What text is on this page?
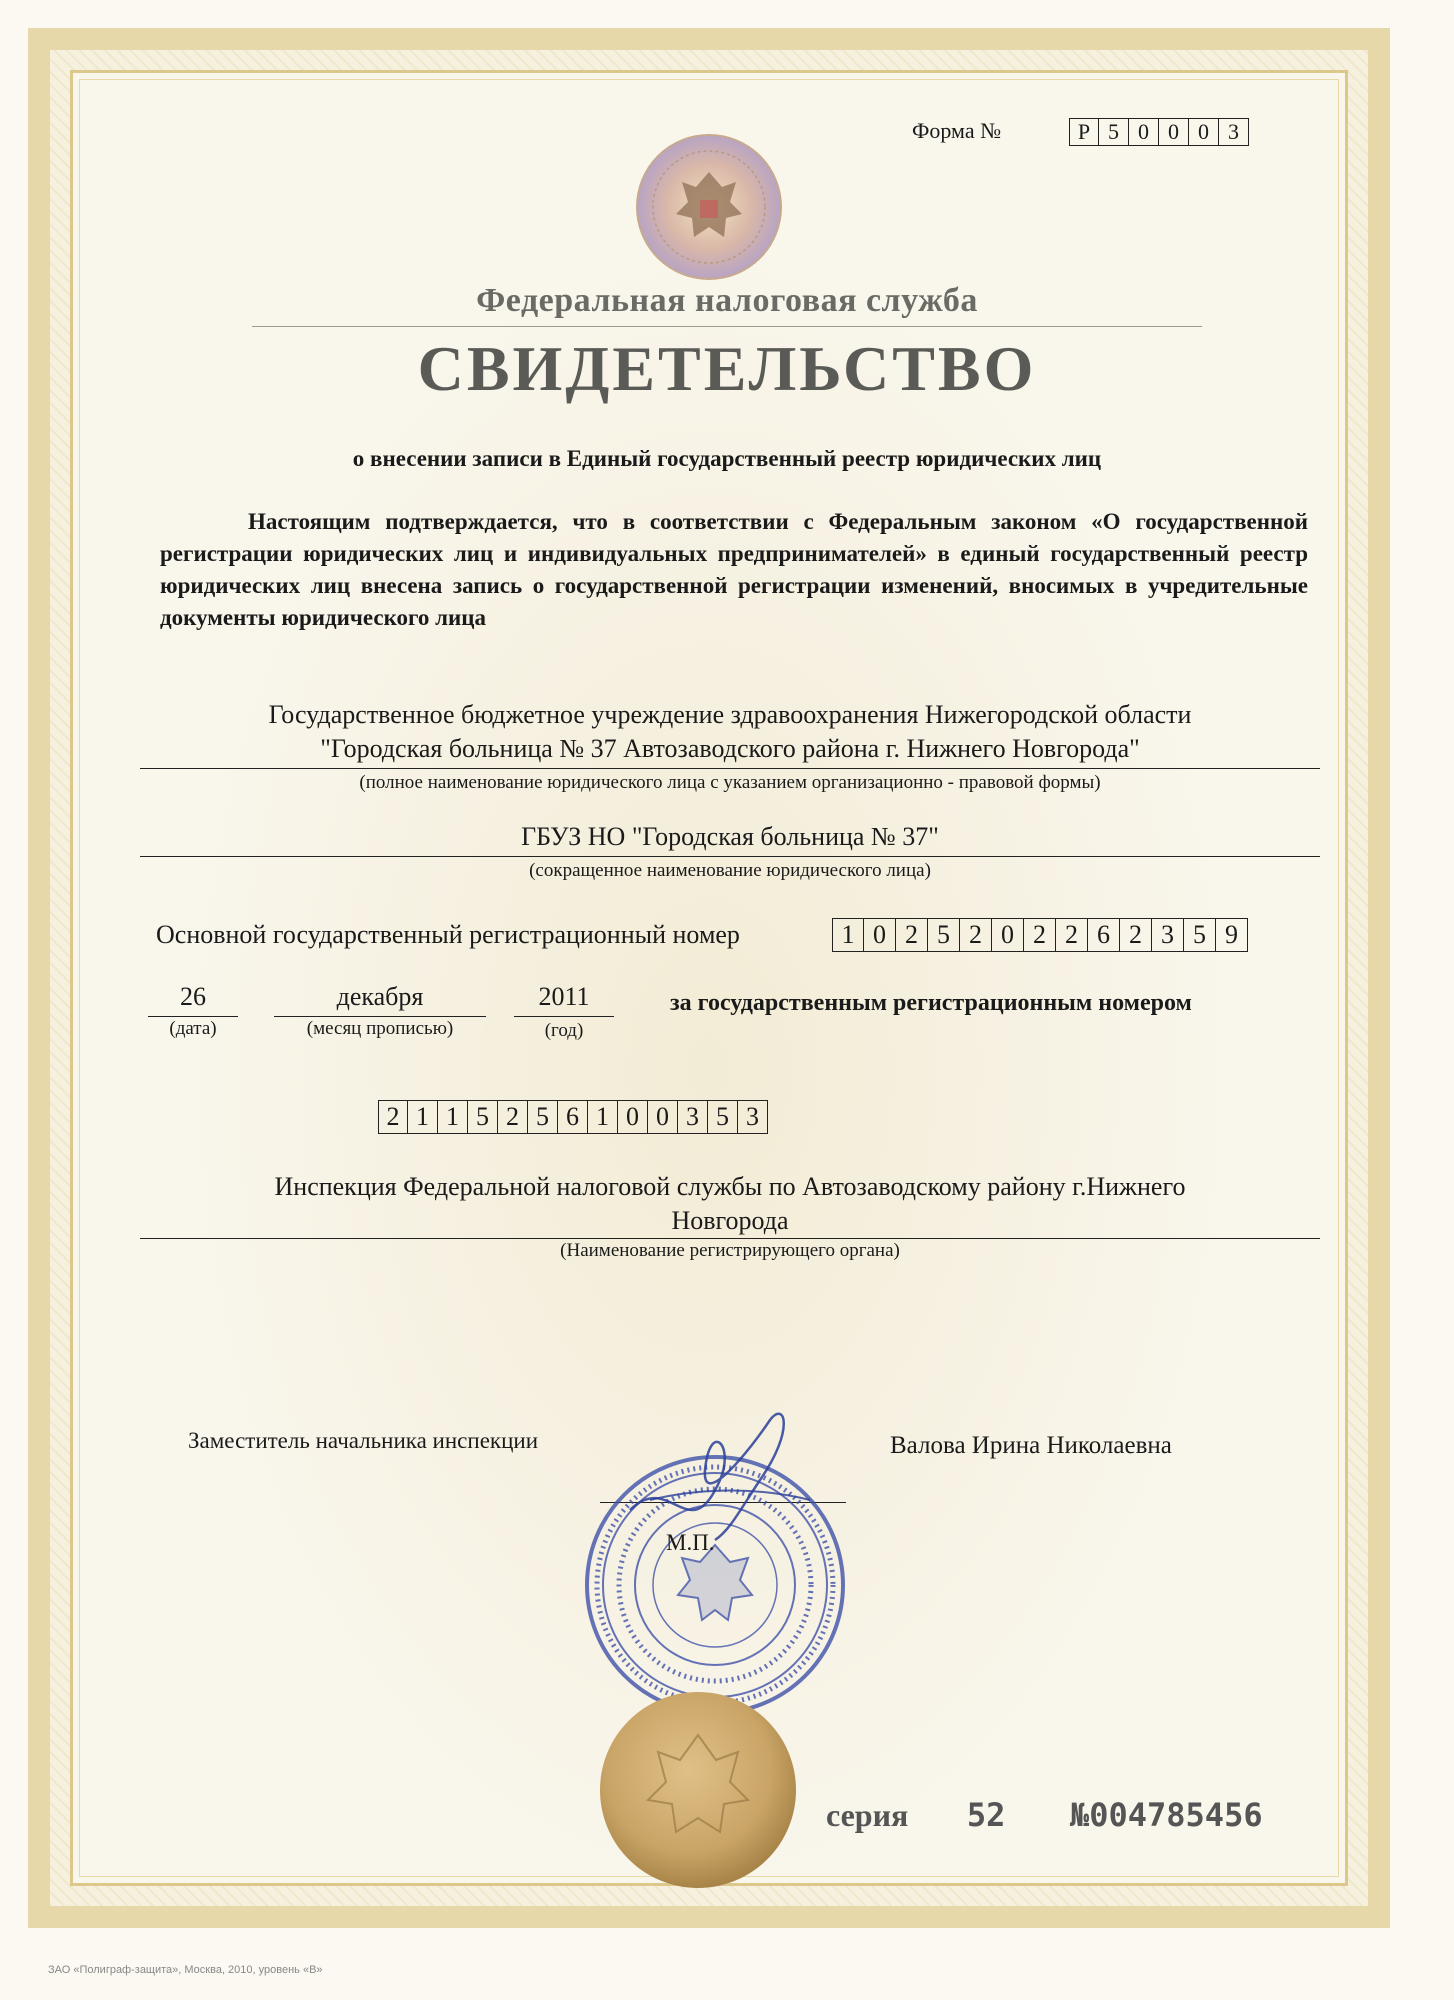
Форма №	Р 5 0 0 0 3
Федеральная налоговая служба
СВИДЕТЕЛЬСТВО
о внесении записи в Единый государственный реестр юридических лиц
Настоящим подтверждается, что в соответствии с Федеральным законом «О государственной регистрации юридических лиц и индивидуальных предпринимателей» в единый государственный реестр юридических лиц внесена запись о государственной регистрации изменений, вносимых в учредительные документы юридического лица
Государственное бюджетное учреждение здравоохранения Нижегородской области
"Городская больница № 37 Автозаводского района г. Нижнего Новгорода"
(полное наименование юридического лица с указанием организационно - правовой формы)
ГБУЗ НО "Городская больница № 37"
(сокращенное наименование юридического лица)
Основной государственный регистрационный номер	1 0 2 5 2 0 2 2 6 2 3 5 9
26
(дата)
декабря
(месяц прописью)
2011
(год)
за государственным регистрационным номером
2 1 1 5 2 5 6 1 0 0 3 5 3
Инспекция Федеральной налоговой службы по Автозаводскому району г.Нижнего
Новгорода
(Наименование регистрирующего органа)
Заместитель начальника инспекции	Валова Ирина Николаевна
М.П.
серия 52 №004785456
ЗАО «Полиграф-защита», Москва, 2010, уровень «В»
